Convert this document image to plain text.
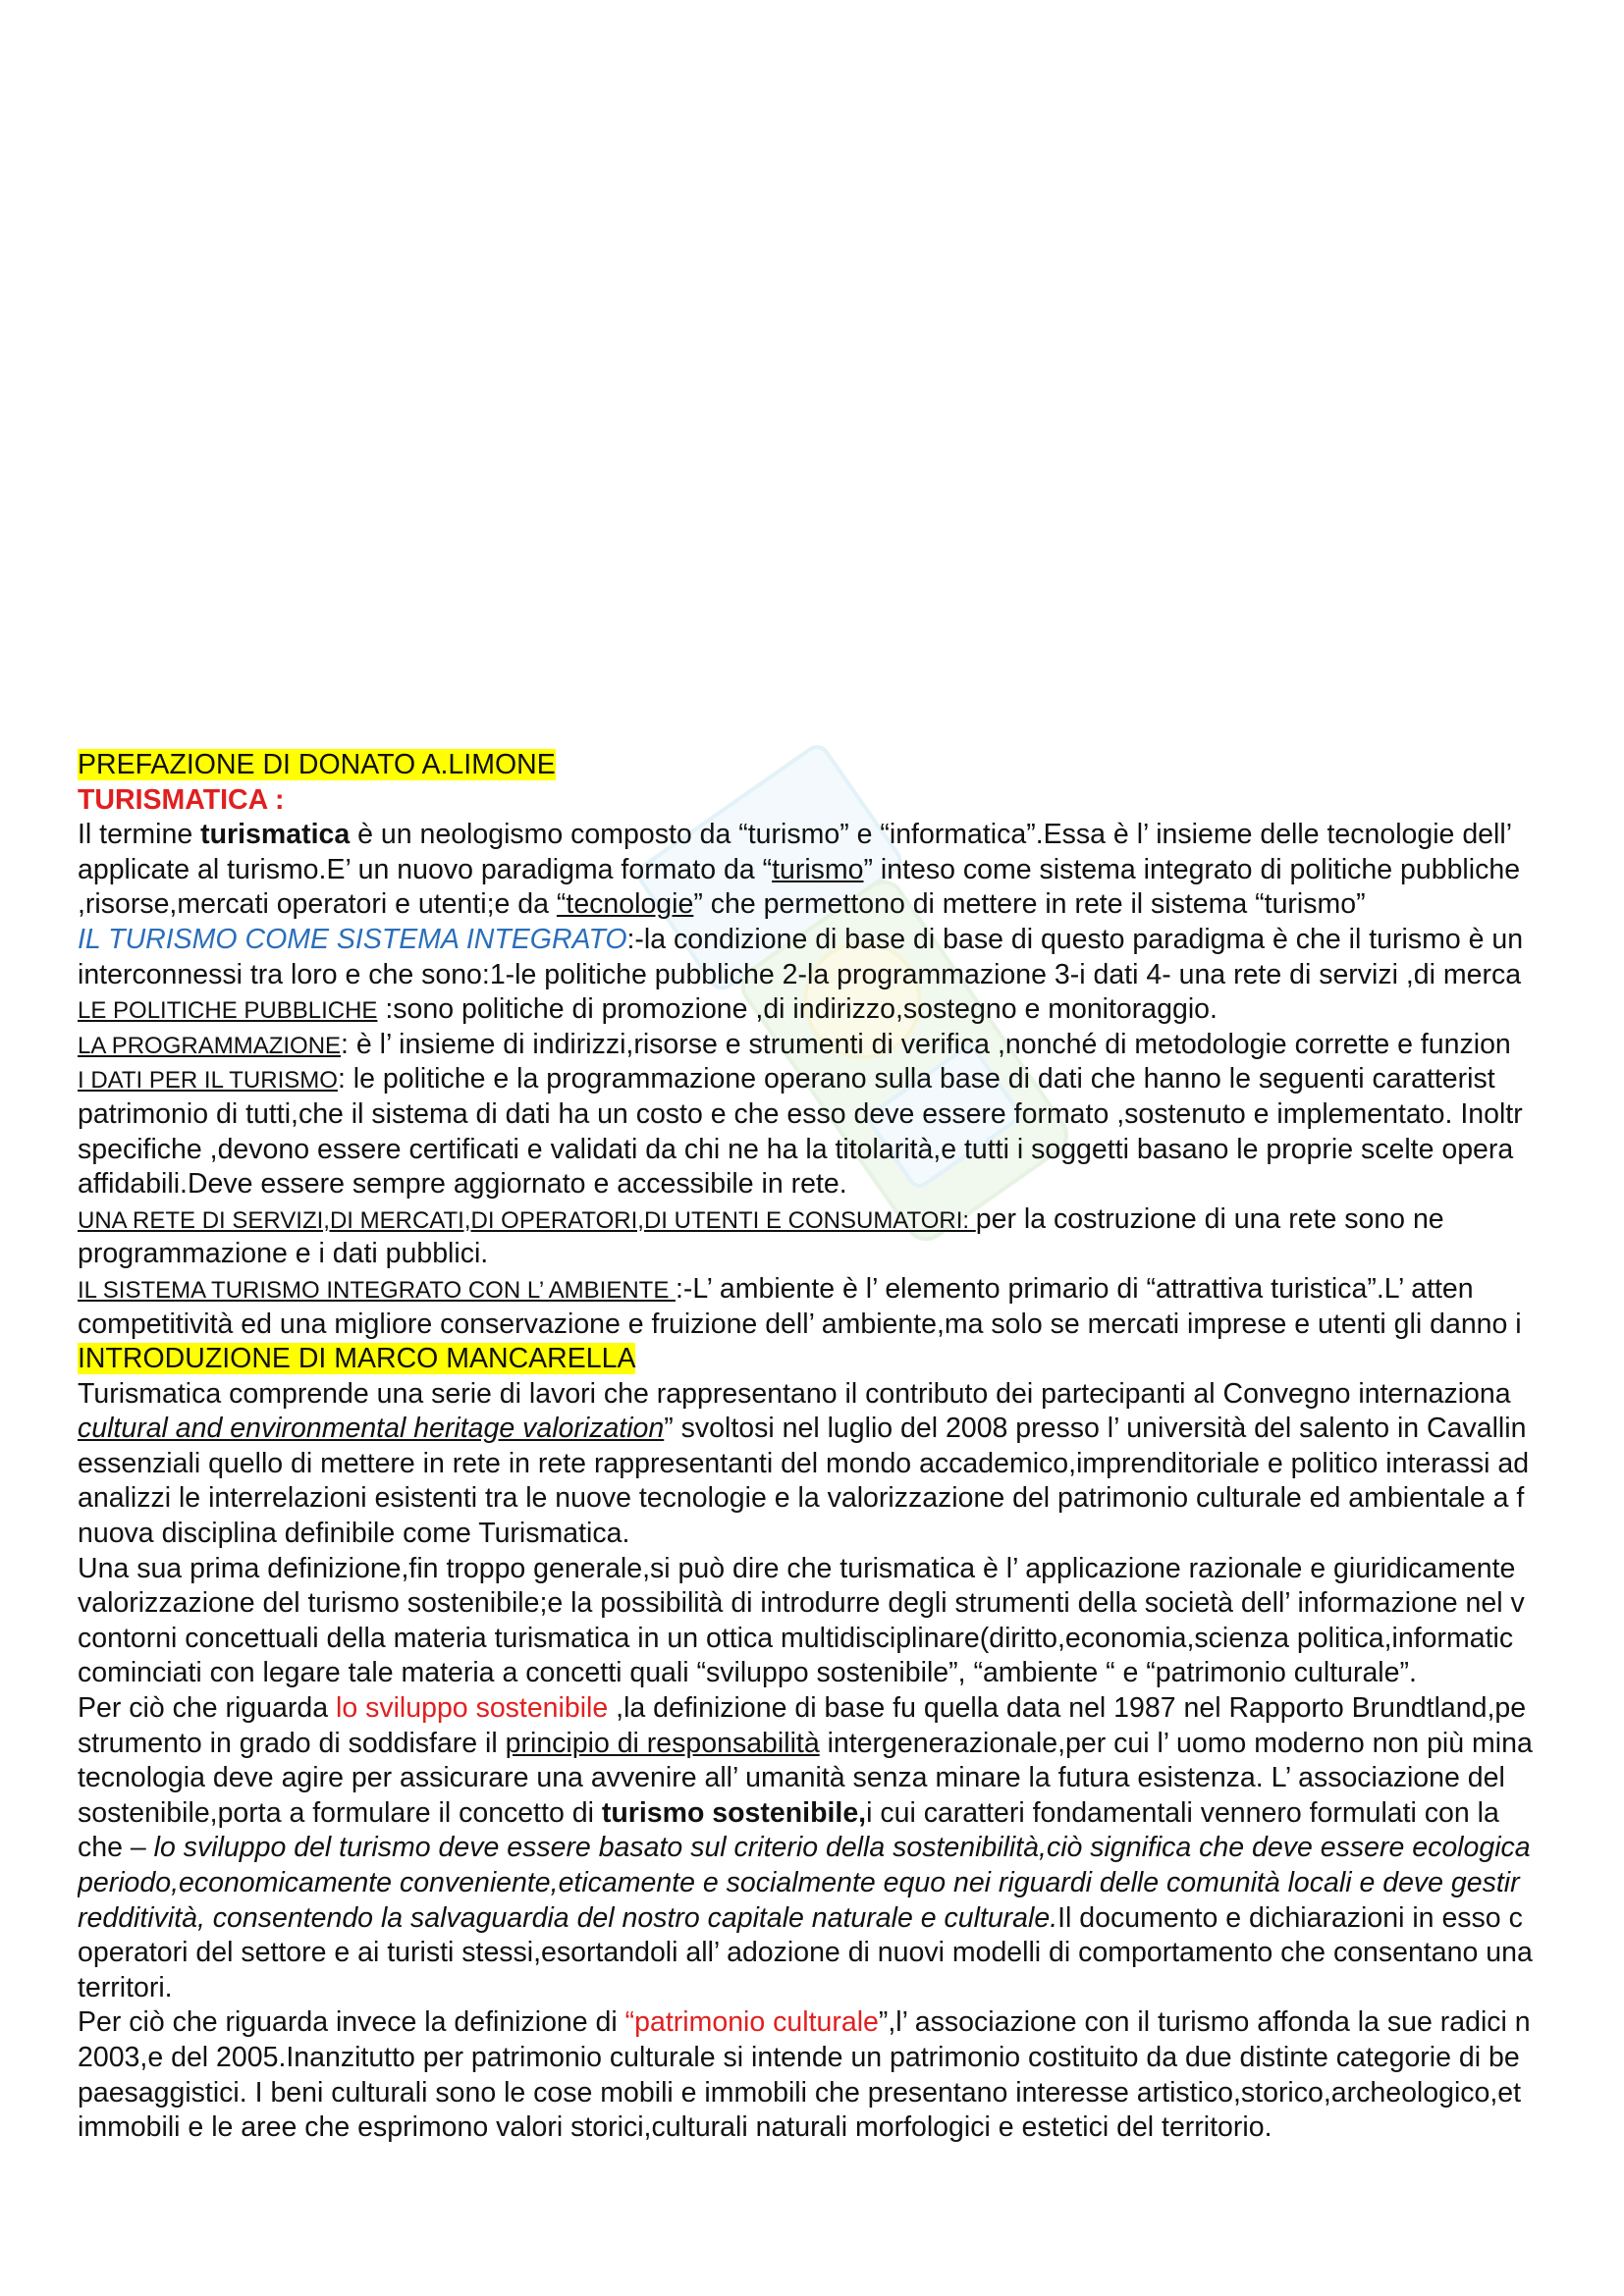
PREFAZIONE DI DONATO A.LIMONE
TURISMATICA :
Il termine turismatica è un neologismo composto da “turismo” e “informatica”.Essa è l’ insieme delle tecnologie dell’
applicate al turismo.E’ un nuovo paradigma formato da “turismo” inteso come sistema integrato di politiche pubbliche
,risorse,mercati operatori e utenti;e da “tecnologie” che permettono di mettere in rete il sistema “turismo”
IL TURISMO COME SISTEMA INTEGRATO:-la condizione di base di base di questo paradigma è che il turismo è un
interconnessi tra loro e che sono:1-le politiche pubbliche 2-la programmazione 3-i dati 4- una rete di servizi ,di merca
LE POLITICHE PUBBLICHE :sono politiche di promozione ,di indirizzo,sostegno e monitoraggio.
LA PROGRAMMAZIONE: è l’ insieme di indirizzi,risorse e strumenti di verifica ,nonché di metodologie corrette e funzion
I DATI PER IL TURISMO: le politiche e la programmazione operano sulla base di dati che hanno le seguenti caratterist
patrimonio di tutti,che il sistema di dati ha un costo e che esso deve essere formato ,sostenuto e implementato. Inoltr
specifiche ,devono essere certificati e validati da chi ne ha la titolarità,e tutti i soggetti basano le proprie scelte opera
affidabili.Deve essere sempre aggiornato e accessibile in rete.
UNA RETE DI SERVIZI,DI MERCATI,DI OPERATORI,DI UTENTI E CONSUMATORI: per la costruzione di una rete sono ne
programmazione e i dati pubblici.
IL SISTEMA TURISMO INTEGRATO CON L’ AMBIENTE :-L’ ambiente è l’ elemento primario di “attrattiva turistica”.L’ atten
competitività ed una migliore conservazione e fruizione dell’ ambiente,ma solo se mercati imprese e utenti gli danno i
INTRODUZIONE DI MARCO MANCARELLA
Turismatica comprende una serie di lavori che rappresentano il contributo dei partecipanti al Convegno internaziona
cultural and environmental heritage valorization” svoltosi nel luglio del 2008 presso l’ università del salento in Cavallin
essenziali quello di mettere in rete in rete rappresentanti del mondo accademico,imprenditoriale e politico interassi ad
analizzi le interrelazioni esistenti tra le nuove tecnologie e la valorizzazione del patrimonio culturale ed ambientale a f
nuova disciplina definibile come Turismatica.
Una sua prima definizione,fin troppo generale,si può dire che turismatica è l’ applicazione razionale e giuridicamente
valorizzazione del turismo sostenibile;e la possibilità di introdurre degli strumenti della società dell’ informazione nel v
contorni concettuali della materia turismatica in un ottica multidisciplinare(diritto,economia,scienza politica,informatic
cominciati con legare tale materia a concetti quali “sviluppo sostenibile”, “ambiente “ e “patrimonio culturale”.
Per ciò che riguarda lo sviluppo sostenibile ,la definizione di base fu quella data nel 1987 nel Rapporto Brundtland,pe
strumento in grado di soddisfare il principio di responsabilità intergenerazionale,per cui l’ uomo moderno non più mina
tecnologia deve agire per assicurare una avvenire all’ umanità senza minare la futura esistenza. L’ associazione del
sostenibile,porta a formulare il concetto di turismo sostenibile,i cui caratteri fondamentali vennero formulati con la
che – lo sviluppo del turismo deve essere basato sul criterio della sostenibilità,ciò significa che deve essere ecologica
periodo,economicamente conveniente,eticamente e socialmente equo nei riguardi delle comunità locali e deve gestir
redditività, consentendo la salvaguardia del nostro capitale naturale e culturale.Il documento e dichiarazioni in esso c
operatori del settore e ai turisti stessi,esortandoli all’ adozione di nuovi modelli di comportamento che consentano una
territori.
Per ciò che riguarda invece la definizione di “patrimonio culturale”,l’ associazione con il turismo affonda la sue radici n
2003,e del 2005.Inanzitutto per patrimonio culturale si intende un patrimonio costituito da due distinte categorie di be
paesaggistici. I beni culturali sono le cose mobili e immobili che presentano interesse artistico,storico,archeologico,et
immobili e le aree che esprimono valori storici,culturali naturali morfologici e estetici del territorio.
